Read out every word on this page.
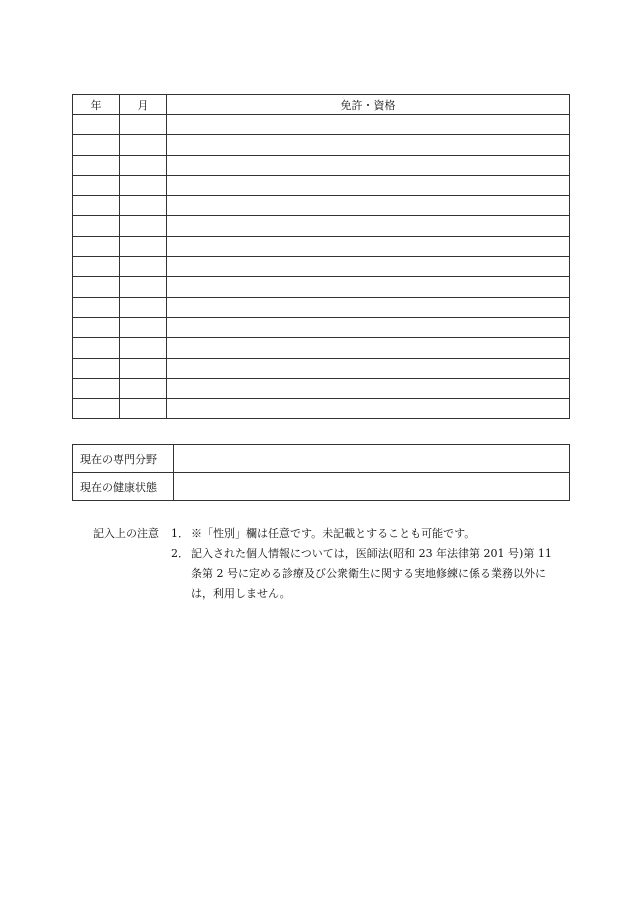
年	月	免許・資格

現在の専門分野	
現在の健康状態	
記入上の注意 1． ※「性別」欄は任意です。未記載とすることも可能です。
2． 記入された個人情報については，医師法(昭和 23 年法律第 201 号)第 11 条第 2 号に定める診療及び公衆衛生に関する実地修練に係る業務以外には，利用しません。
